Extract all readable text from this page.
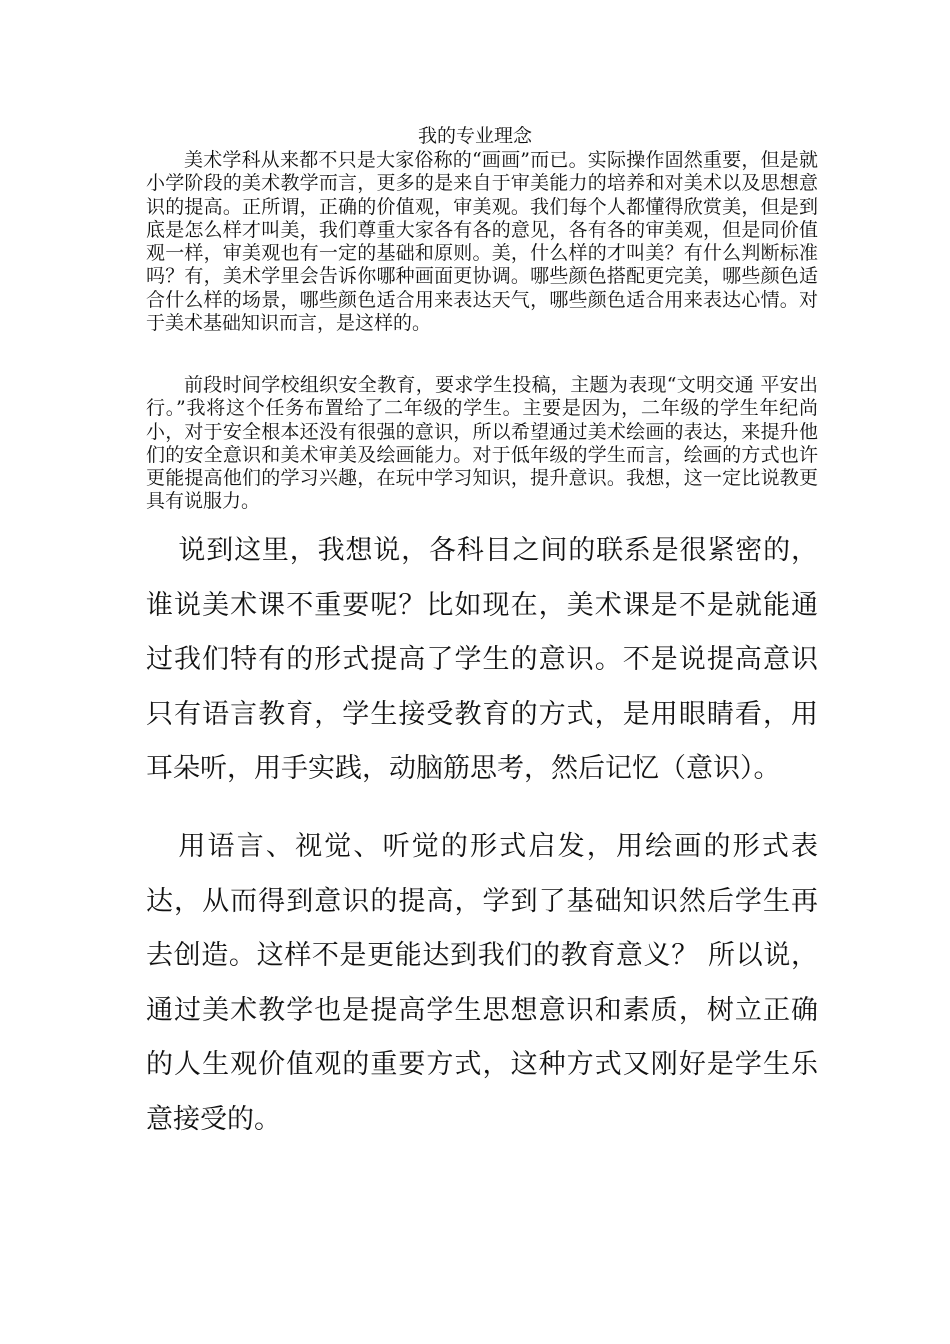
我的专业理念

美术学科从来都不只是大家俗称的“画画”而已。实际操作固然重要，但是就小学阶段的美术教学而言，更多的是来自于审美能力的培养和对美术以及思想意识的提高。正所谓，正确的价值观，审美观。我们每个人都懂得欣赏美，但是到底是怎么样才叫美，我们尊重大家各有各的意见，各有各的审美观，但是同价值观一样，审美观也有一定的基础和原则。美，什么样的才叫美？有什么判断标准吗？有，美术学里会告诉你哪种画面更协调。哪些颜色搭配更完美，哪些颜色适合什么样的场景，哪些颜色适合用来表达天气，哪些颜色适合用来表达心情。对于美术基础知识而言，是这样的。

前段时间学校组织安全教育，要求学生投稿，主题为表现“文明交通 平安出行。”我将这个任务布置给了二年级的学生。主要是因为，二年级的学生年纪尚小，对于安全根本还没有很强的意识，所以希望通过美术绘画的表达，来提升他们的安全意识和美术审美及绘画能力。对于低年级的学生而言，绘画的方式也许更能提高他们的学习兴趣，在玩中学习知识，提升意识。我想，这一定比说教更具有说服力。

说到这里，我想说，各科目之间的联系是很紧密的，谁说美术课不重要呢？比如现在，美术课是不是就能通过我们特有的形式提高了学生的意识。不是说提高意识只有语言教育，学生接受教育的方式，是用眼睛看，用耳朵听，用手实践，动脑筋思考，然后记忆（意识）。

用语言、视觉、听觉的形式启发，用绘画的形式表达，从而得到意识的提高，学到了基础知识然后学生再去创造。这样不是更能达到我们的教育意义？ 所以说，通过美术教学也是提高学生思想意识和素质，树立正确的人生观价值观的重要方式，这种方式又刚好是学生乐意接受的。
